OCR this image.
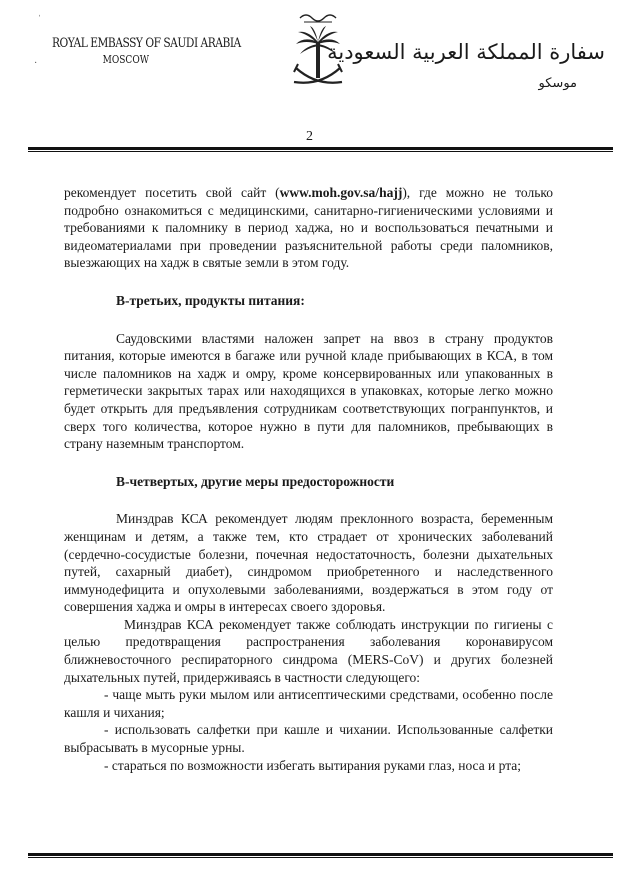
ˈ
·
ROYAL EMBASSY OF SAUDI ARABIA
MOSCOW	سفارة المملكة العربية السعودية
موسكو
2

рекомендует посетить свой сайт (www.moh.gov.sa/hajj), где можно не только подробно ознакомиться с медицинскими, санитарно-гигиеническими условиями и требованиями к паломнику в период хаджа, но и воспользоваться печатными и видеоматериалами при проведении разъяснительной работы среди паломников, выезжающих на хадж в святые земли в этом году.

В-третьих, продукты питания:

Саудовскими властями наложен запрет на ввоз в страну продуктов питания, которые имеются в багаже или ручной кладе прибывающих в КСА, в том числе паломников на хадж и омру, кроме консервированных или упакованных в герметически закрытых тарах или находящихся в упаковках, которые легко можно будет открыть для предъявления сотрудникам соответствующих погранпунктов, и сверх того количества, которое нужно в пути для паломников, пребывающих в страну наземным транспортом.

В-четвертых, другие меры предосторожности

Минздрав КСА рекомендует людям преклонного возраста, беременным женщинам и детям, а также тем, кто страдает от хронических заболеваний (сердечно-сосудистые болезни, почечная недостаточность, болезни дыхательных путей, сахарный диабет), синдромом приобретенного и наследственного иммунодефицита и опухолевыми заболеваниями, воздержаться в этом году от совершения хаджа и омры в интересах своего здоровья.

Минздрав КСА рекомендует также соблюдать инструкции по гигиены с целью предотвращения распространения заболевания коронавирусом ближневосточного респираторного синдрома (MERS-CoV) и других болезней дыхательных путей, придерживаясь в частности следующего:

- чаще мыть руки мылом или антисептическими средствами, особенно после кашля и чихания;

- использовать салфетки при кашле и чихании. Использованные салфетки выбрасывать в мусорные урны.

- стараться по возможности избегать вытирания руками глаз, носа и рта;
